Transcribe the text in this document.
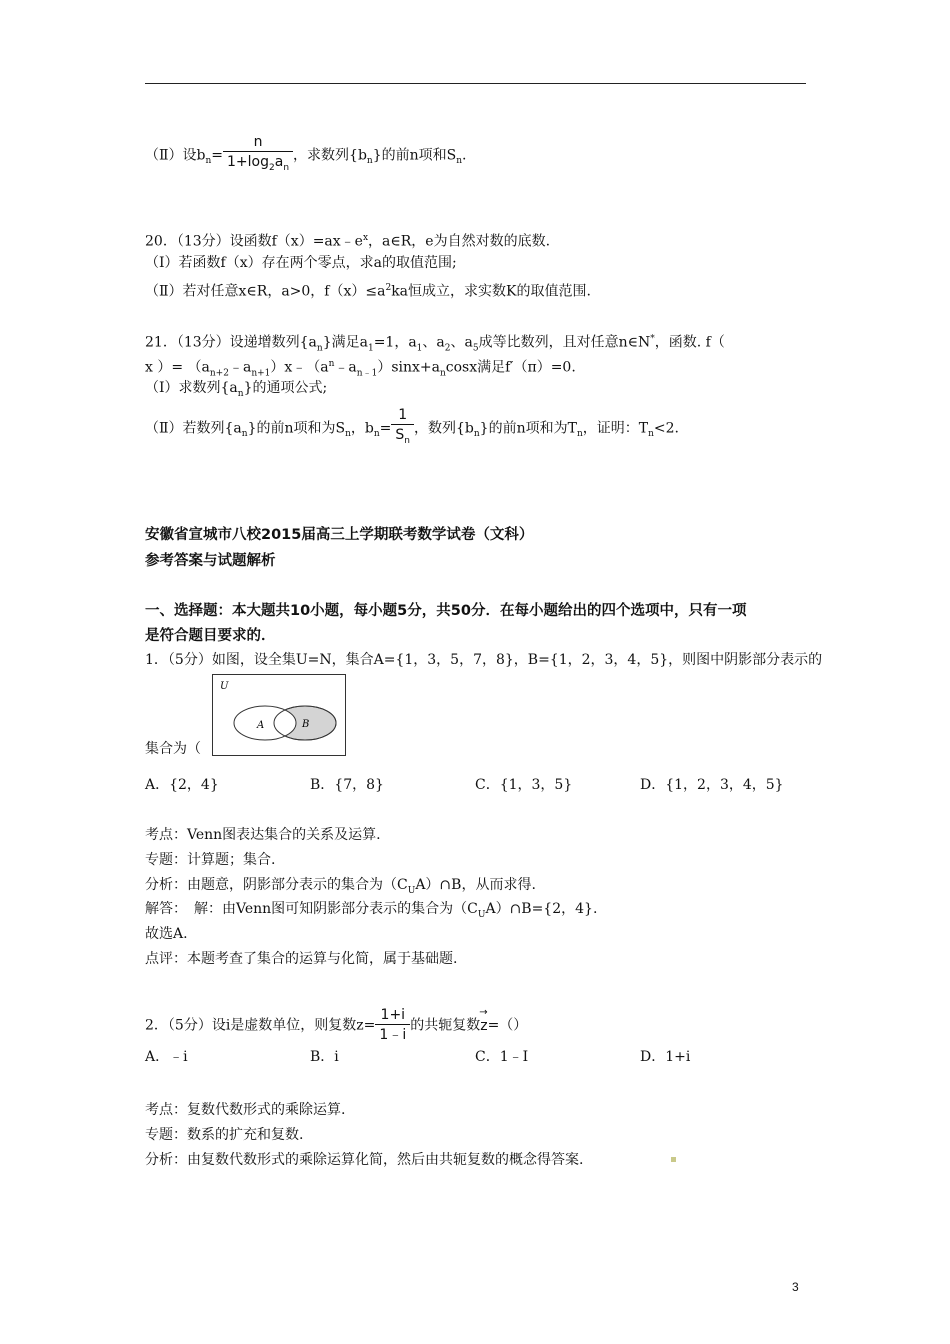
（Ⅱ）设$b_n= \frac{n}{1+\log_2a_n}$ ，求数列$\{b_n\}$的前n项和$S_n$.
20．（13分）设函数$f(x)=ax﹣e^x$，a∈R，e为自然对数的底数.
（I）若函数f（x）存在两个零点，求a的取值范围;
（Ⅱ）若对任意x∈R，a>0，$f(x)\le a^2ka$恒成立，求实数K的取值范围.
21．（13分）设递增数列$\{a_n\}$满足$a_1=1$，$a_1$、$a_2$、$a_5$成等比数列，且对任意n∈N*，函数. f（
x ）= $(a_{n+2}﹣a_{n+1})x﹣(a^n﹣a_{n﹣1})\sin x+a_n\cos x$满足f′（π）=0.
（I）求数列$\{a_n\}$的通项公式;
（Ⅱ）若数列$\{a_n\}$的前n项和为$S_n$，$b_n= \frac{1}{S_n}$ ，数列$\{b_n\}$的前n项和为$T_n$，证明：$T_n<2$.
安徽省宣城市八校2015届高三上学期联考数学试卷（文科）
参考答案与试题解析
一、选择题：本大题共10小题，每小题5分，共50分．在每小题给出的四个选项中，只有一项
是符合题目要求的．
1．（5分）如图，设全集U=N，集合A={1，3，5，7，8}，B={1，2，3，4，5}，则图中阴影部分表示的
U
A	B
集合为（
A．{2，4}	B．{7，8}	C．{1，3，5}	D．{1，2，3，4，5}
考点：Venn图表达集合的关系及运算.
专题：计算题；集合.
分析：由题意，阴影部分表示的集合为$(C_UA)\cap B$，从而求得.
解答：　解：由Venn图可知阴影部分表示的集合为$(C_UA)\cap B=\{2$，4}.
故选A.
点评：本题考查了集合的运算与化简，属于基础题.
2．（5分）设i是虚数单位，则复数$z= \frac{1+i}{1﹣i}$ 的共轭复数
→
z=（）
A．﹣i	B．i	C．1﹣I	D．1+i
考点：复数代数形式的乘除运算.
专题：数系的扩充和复数.
分析：由复数代数形式的乘除运算化简，然后由共轭复数的概念得答案.
3
